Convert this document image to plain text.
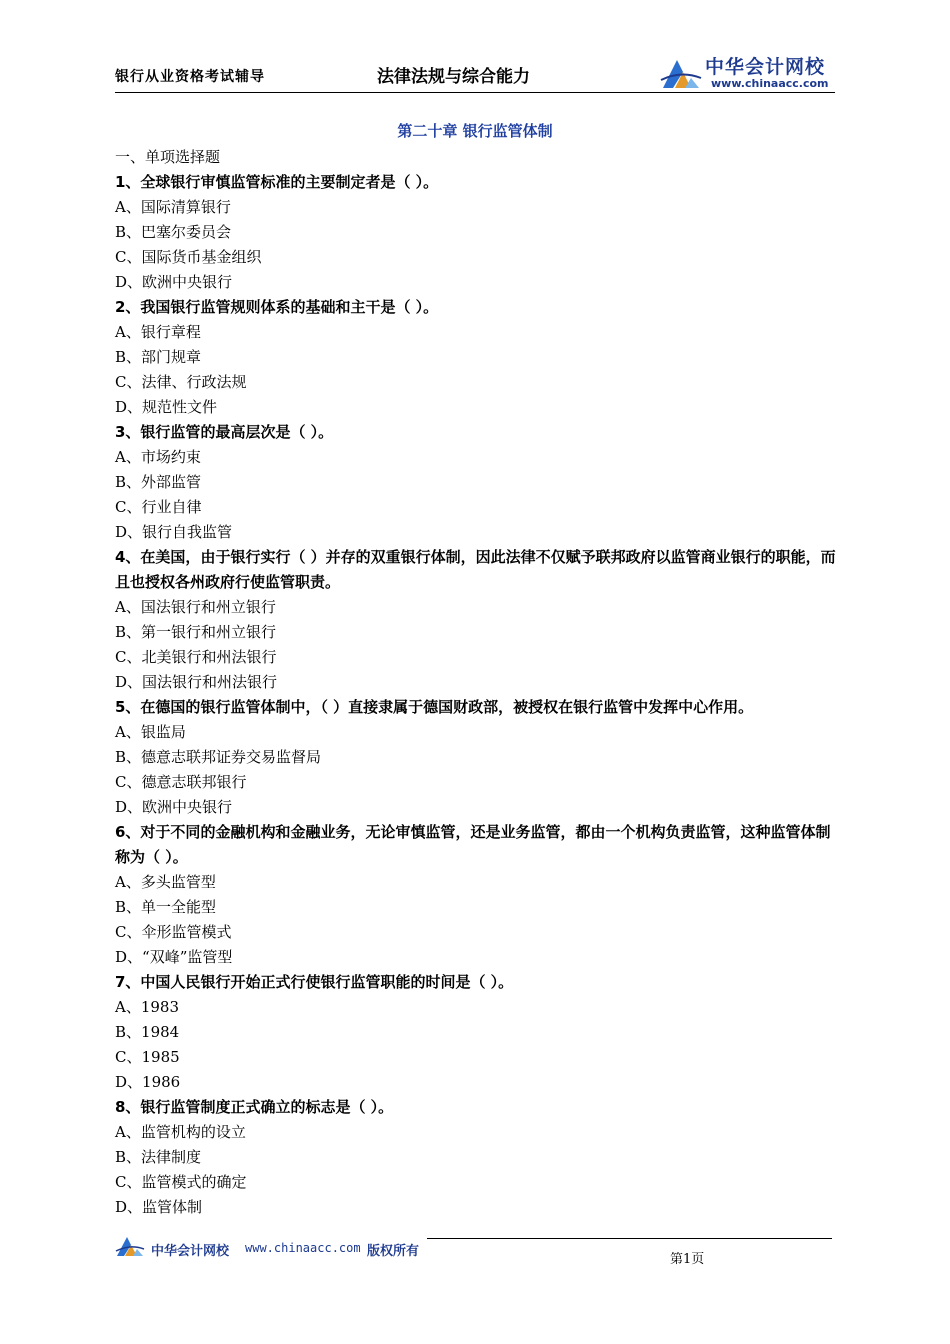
银行从业资格考试辅导	法律法规与综合能力	中华会计网校
www.chinaacc.com
第二十章 银行监管体制
一、单项选择题
1、全球银行审慎监管标准的主要制定者是（ ）。
A、国际清算银行
B、巴塞尔委员会
C、国际货币基金组织
D、欧洲中央银行
2、我国银行监管规则体系的基础和主干是（ ）。
A、银行章程
B、部门规章
C、法律、行政法规
D、规范性文件
3、银行监管的最高层次是（ ）。
A、市场约束
B、外部监管
C、行业自律
D、银行自我监管
4、在美国，由于银行实行（ ）并存的双重银行体制，因此法律不仅赋予联邦政府以监管商业银行的职能，而且也授权各州政府行使监管职责。
A、国法银行和州立银行
B、第一银行和州立银行
C、北美银行和州法银行
D、国法银行和州法银行
5、在德国的银行监管体制中，（ ）直接隶属于德国财政部，被授权在银行监管中发挥中心作用。
A、银监局
B、德意志联邦证券交易监督局
C、德意志联邦银行
D、欧洲中央银行
6、对于不同的金融机构和金融业务，无论审慎监管，还是业务监管，都由一个机构负责监管，这种监管体制称为（ ）。
A、多头监管型
B、单一全能型
C、伞形监管模式
D、“双峰”监管型
7、中国人民银行开始正式行使银行监管职能的时间是（ ）。
A、1983
B、1984
C、1985
D、1986
8、银行监管制度正式确立的标志是（ ）。
A、监管机构的设立
B、法律制度
C、监管模式的确定
D、监管体制
中华会计网校 www.chinaacc.com 版权所有
第1页
